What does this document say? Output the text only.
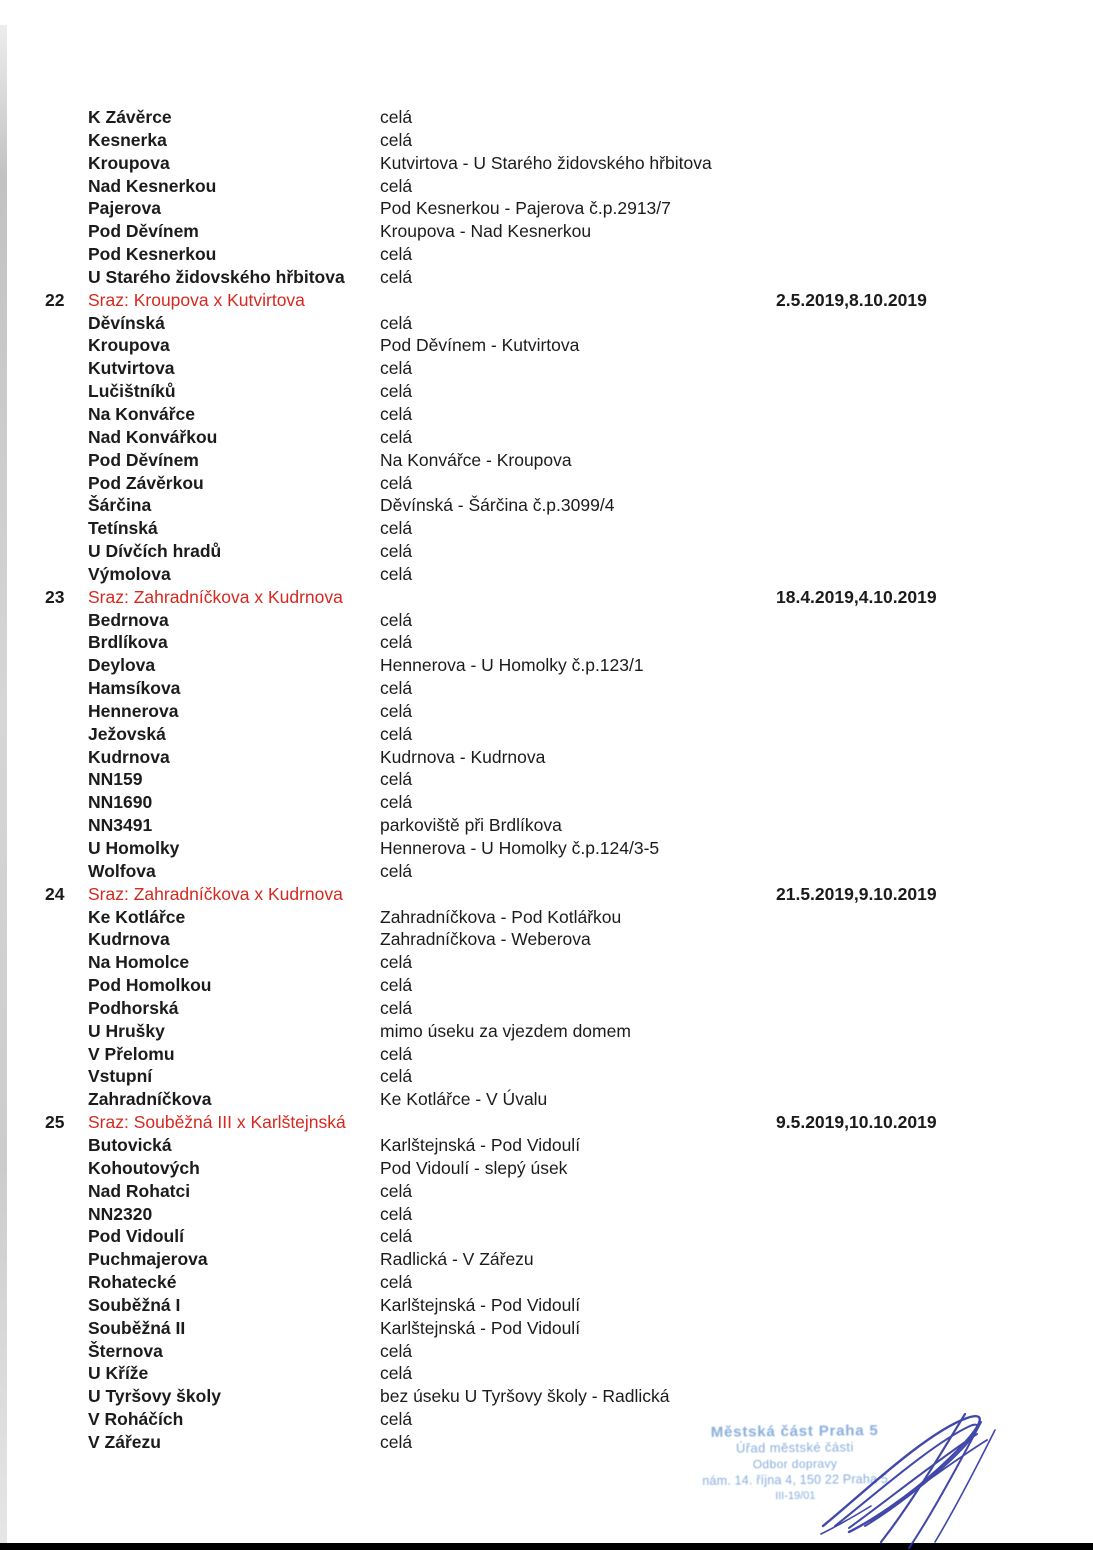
K Závěrce	celá
Kesnerka	celá
Kroupova	Kutvirtova - U Starého židovského hřbitova
Nad Kesnerkou	celá
Pajerova	Pod Kesnerkou - Pajerova č.p.2913/7
Pod Děvínem	Kroupova - Nad Kesnerkou
Pod Kesnerkou	celá
U Starého židovského hřbitova celá
22 Sraz: Kroupova x Kutvirtova	2.5.2019,8.10.2019
Děvínská	celá
Kroupova	Pod Děvínem - Kutvirtova
Kutvirtova	celá
Lučištníků	celá
Na Konvářce	celá
Nad Konvářkou	celá
Pod Děvínem	Na Konvářce - Kroupova
Pod Závěrkou	celá
Šárčina	Děvínská - Šárčina č.p.3099/4
Tetínská	celá
U Dívčích hradů	celá
Výmolova	celá
23 Sraz: Zahradníčkova x Kudrnova	18.4.2019,4.10.2019
Bedrnova	celá
Brdlíkova	celá
Deylova	Hennerova - U Homolky č.p.123/1
Hamsíkova	celá
Hennerova	celá
Ježovská	celá
Kudrnova	Kudrnova - Kudrnova
NN159	celá
NN1690	celá
NN3491	parkoviště při Brdlíkova
U Homolky	Hennerova - U Homolky č.p.124/3-5
Wolfova	celá
24 Sraz: Zahradníčkova x Kudrnova	21.5.2019,9.10.2019
Ke Kotlářce	Zahradníčkova - Pod Kotlářkou
Kudrnova	Zahradníčkova - Weberova
Na Homolce	celá
Pod Homolkou	celá
Podhorská	celá
U Hrušky	mimo úseku za vjezdem domem
V Přelomu	celá
Vstupní	celá
Zahradníčkova	Ke Kotlářce - V Úvalu
25 Sraz: Souběžná III x Karlštejnská	9.5.2019,10.10.2019
Butovická	Karlštejnská - Pod Vidoulí
Kohoutových	Pod Vidoulí - slepý úsek
Nad Rohatci	celá
NN2320	celá
Pod Vidoulí	celá
Puchmajerova	Radlická - V Zářezu
Rohatecké	celá
Souběžná I	Karlštejnská - Pod Vidoulí
Souběžná II	Karlštejnská - Pod Vidoulí
Šternova	celá
U Kříže	celá
U Tyršovy školy	bez úseku U Tyršovy školy - Radlická
V Roháčích	celá
V Zářezu	celá
Městská část Praha 5
Úřad městské části
Odbor dopravy
nám. 14. října 4, 150 22 Praha 5
III-19/01
